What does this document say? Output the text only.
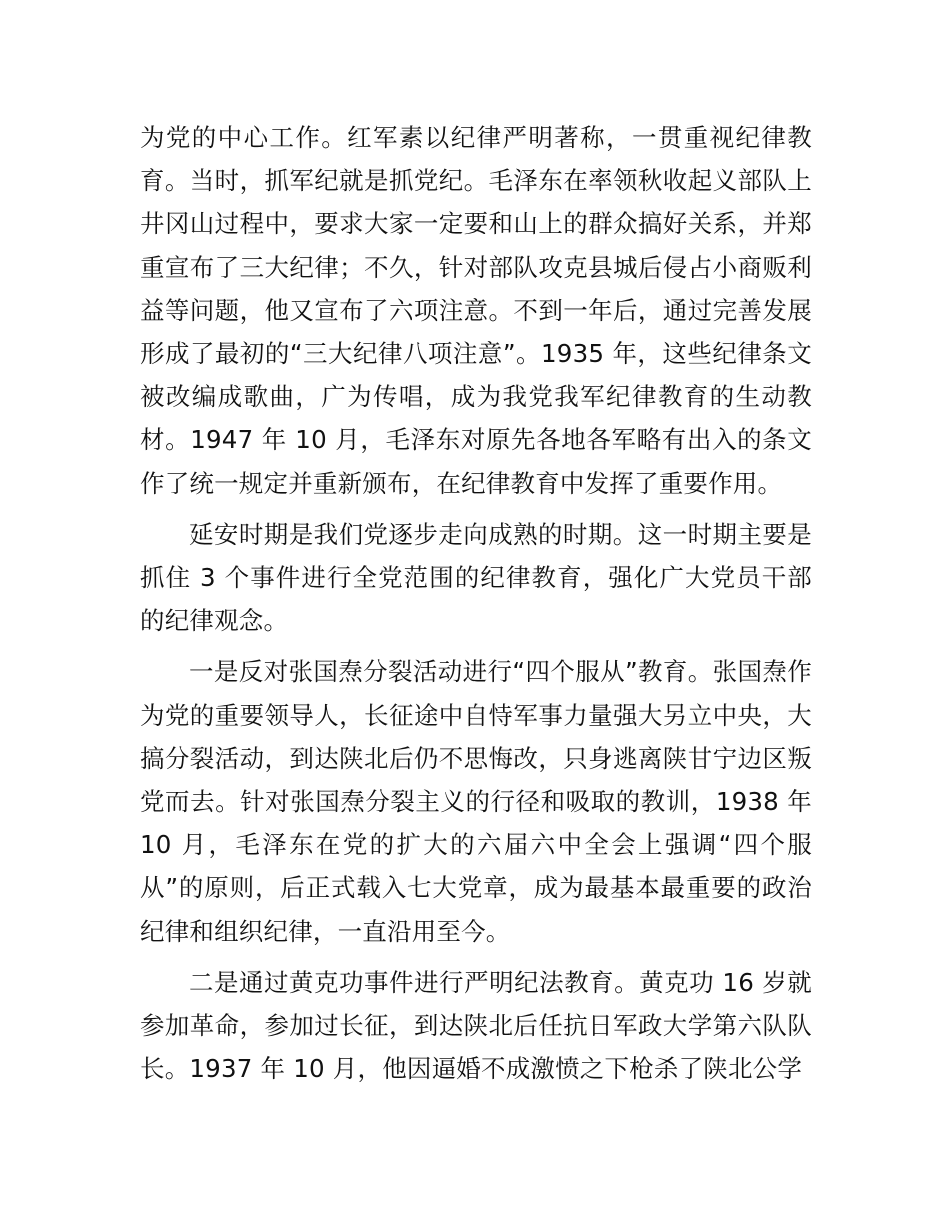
为党的中心工作。红军素以纪律严明著称，一贯重视纪律教育。当时，抓军纪就是抓党纪。毛泽东在率领秋收起义部队上井冈山过程中，要求大家一定要和山上的群众搞好关系，并郑重宣布了三大纪律；不久，针对部队攻克县城后侵占小商贩利益等问题，他又宣布了六项注意。不到一年后，通过完善发展形成了最初的“三大纪律八项注意”。1935 年，这些纪律条文被改编成歌曲，广为传唱，成为我党我军纪律教育的生动教材。1947 年 10 月，毛泽东对原先各地各军略有出入的条文作了统一规定并重新颁布，在纪律教育中发挥了重要作用。

延安时期是我们党逐步走向成熟的时期。这一时期主要是抓住 3 个事件进行全党范围的纪律教育，强化广大党员干部的纪律观念。

一是反对张国焘分裂活动进行“四个服从”教育。张国焘作为党的重要领导人，长征途中自恃军事力量强大另立中央，大搞分裂活动，到达陕北后仍不思悔改，只身逃离陕甘宁边区叛党而去。针对张国焘分裂主义的行径和吸取的教训，1938 年 10 月，毛泽东在党的扩大的六届六中全会上强调“四个服从”的原则，后正式载入七大党章，成为最基本最重要的政治纪律和组织纪律，一直沿用至今。

二是通过黄克功事件进行严明纪法教育。黄克功 16 岁就参加革命，参加过长征，到达陕北后任抗日军政大学第六队队长。1937 年 10 月，他因逼婚不成激愤之下枪杀了陕北公学
